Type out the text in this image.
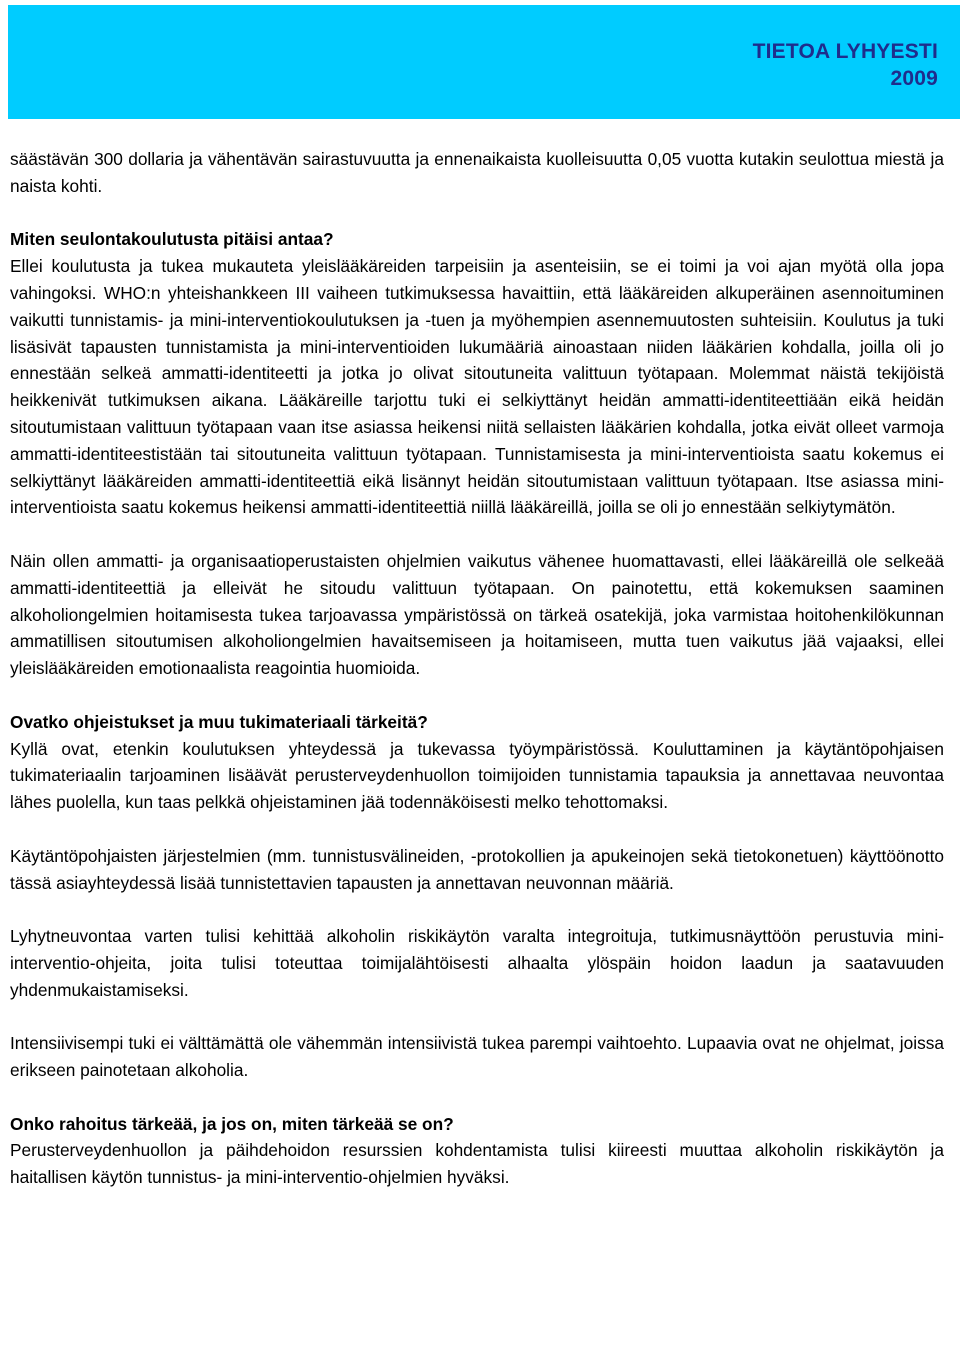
TIETOA LYHYESTI
2009

säästävän 300 dollaria ja vähentävän sairastuvuutta ja ennenaikaista kuolleisuutta 0,05 vuotta kutakin seulottua miestä ja naista kohti.

Miten seulontakoulutusta pitäisi antaa?

Ellei koulutusta ja tukea mukauteta yleislääkäreiden tarpeisiin ja asenteisiin, se ei toimi ja voi ajan myötä olla jopa vahingoksi. WHO:n yhteishankkeen III vaiheen tutkimuksessa havaittiin, että lääkäreiden alkuperäinen asennoituminen vaikutti tunnistamis- ja mini-interventiokoulutuksen ja -tuen ja myöhempien asennemuutosten suhteisiin. Koulutus ja tuki lisäsivät tapausten tunnistamista ja mini-interventioiden lukumääriä ainoastaan niiden lääkärien kohdalla, joilla oli jo ennestään selkeä ammatti-identiteetti ja jotka jo olivat sitoutuneita valittuun työtapaan. Molemmat näistä tekijöistä heikkenivät tutkimuksen aikana. Lääkäreille tarjottu tuki ei selkiyttänyt heidän ammatti-identiteettiään eikä heidän sitoutumistaan valittuun työtapaan vaan itse asiassa heikensi niitä sellaisten lääkärien kohdalla, jotka eivät olleet varmoja ammatti-identiteestistään tai sitoutuneita valittuun työtapaan. Tunnistamisesta ja mini-interventioista saatu kokemus ei selkiyttänyt lääkäreiden ammatti-identiteettiä eikä lisännyt heidän sitoutumistaan valittuun työtapaan. Itse asiassa mini-interventioista saatu kokemus heikensi ammatti-identiteettiä niillä lääkäreillä, joilla se oli jo ennestään selkiytymätön.

Näin ollen ammatti- ja organisaatioperustaisten ohjelmien vaikutus vähenee huomattavasti, ellei lääkäreillä ole selkeää ammatti-identiteettiä ja elleivät he sitoudu valittuun työtapaan. On painotettu, että kokemuksen saaminen alkoholiongelmien hoitamisesta tukea tarjoavassa ympäristössä on tärkeä osatekijä, joka varmistaa hoitohenkilökunnan ammatillisen sitoutumisen alkoholiongelmien havaitsemiseen ja hoitamiseen, mutta tuen vaikutus jää vajaaksi, ellei yleislääkäreiden emotionaalista reagointia huomioida.

Ovatko ohjeistukset ja muu tukimateriaali tärkeitä?

Kyllä ovat, etenkin koulutuksen yhteydessä ja tukevassa työympäristössä. Kouluttaminen ja käytäntöpohjaisen tukimateriaalin tarjoaminen lisäävät perusterveydenhuollon toimijoiden tunnistamia tapauksia ja annettavaa neuvontaa lähes puolella, kun taas pelkkä ohjeistaminen jää todennäköisesti melko tehottomaksi.

Käytäntöpohjaisten järjestelmien (mm. tunnistusvälineiden, -protokollien ja apukeinojen sekä tietokonetuen) käyttöönotto tässä asiayhteydessä lisää tunnistettavien tapausten ja annettavan neuvonnan määriä.

Lyhytneuvontaa varten tulisi kehittää alkoholin riskikäytön varalta integroituja, tutkimusnäyttöön perustuvia mini-interventio-ohjeita, joita tulisi toteuttaa toimijalähtöisesti alhaalta ylöspäin hoidon laadun ja saatavuuden yhdenmukaistamiseksi.

Intensiivisempi tuki ei välttämättä ole vähemmän intensiivistä tukea parempi vaihtoehto. Lupaavia ovat ne ohjelmat, joissa erikseen painotetaan alkoholia.

Onko rahoitus tärkeää, ja jos on, miten tärkeää se on?

Perusterveydenhuollon ja päihdehoidon resurssien kohdentamista tulisi kiireesti muuttaa alkoholin riskikäytön ja haitallisen käytön tunnistus- ja mini-interventio-ohjelmien hyväksi.
